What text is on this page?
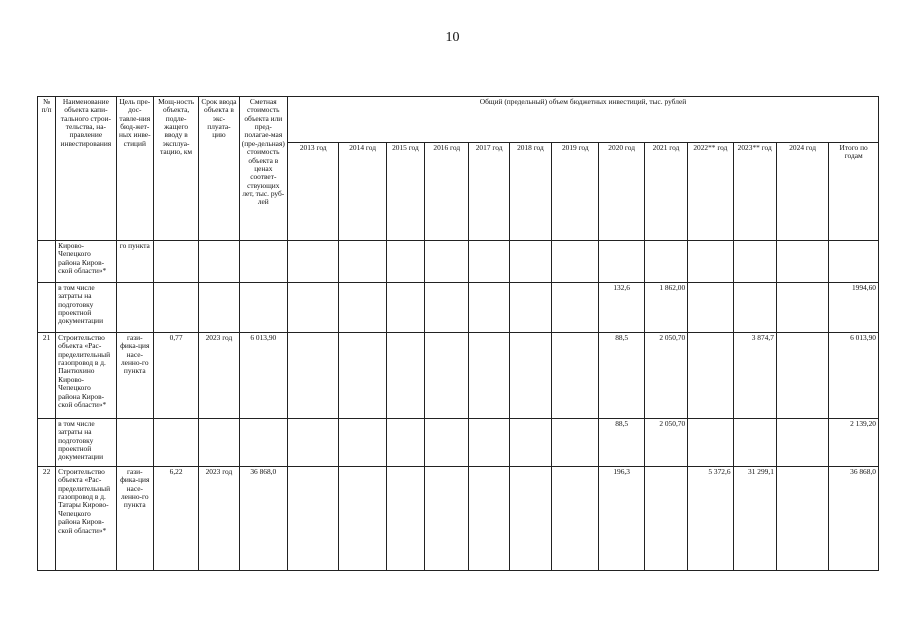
10
№ п/п	Наименование объекта капи-тального строи-тельства, на-правление инвестирования	Цель пре-дос-тавле-ния бюд-жет-ных инве-стиций	Мощ-ность объекта, подле-жащего вводу в эксплуа-тацию, км	Срок ввода объекта в экс-плуата-цию	Сметная стоимость объекта или пред-полагае-мая (пре-дельная) стоимость объекта в ценах соответ-ствующих лет, тыс. руб-лей	Общий (предельный) объем бюджетных инвестиций, тыс. рублей												
						2013 год	2014 год	2015 год	2016 год	2017 год	2018 год	2019 год	2020 год	2021 год	2022** год	2023** год	2024 год	Итого по годам
	Кирово-Чепецкого района Киров-ской области»*	го пункта																
	в том числе затраты на подготовку проектной документации												132,6	1 862,00				1994,60
21	Строительство объекта «Рас-пределительный газопровод в д. Пантюхино Кирово-Чепецкого района Киров-ской области»*	гази-фика-ция насе-ленно-го пункта	0,77	2023 год	6 013,90								88,5	2 050,70		3 874,7		6 013,90
	в том числе затраты на подготовку проектной документации												88,5	2 050,70				2 139,20
22	Строительство объекта «Рас-пределительный газопровод в д. Татары Кирово-Чепецкого района Киров-ской области»*	гази-фика-ция насе-ленно-го пункта	6,22	2023 год	36 868,0								196,3		5 372,6	31 299,1		36 868,0
